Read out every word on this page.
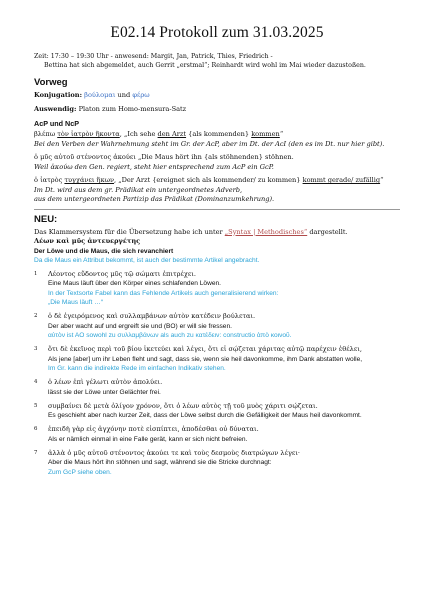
E02.14 Protokoll zum 31.03.2025

Zeit: 17:30 – 19:30 Uhr - anwesend: Margit, Jan, Patrick, Thies, Friedrich -
Bettina hat sich abgemeldet, auch Gerrit „erstmal“; Reinhardt wird wohl im Mai wieder dazustoßen.

Vorweg

Konjugation: βούλομαι und φέρω

Auswendig: Platon zum Homo-mensura-Satz

AcP und NcP

βλέπω τὸν ἰατρὸν ἥκοντα, „Ich sehe den Arzt {als kommenden} kommen“

Bei den Verben der Wahrnehmung steht im Gr. der AcP, aber im Dt. der AcI (den es im Dt. nur hier gibt).

ὁ μῦς αὐτοῦ στένοντος ἀκούει „Die Maus hört ihn {als stöhnenden} stöhnen.

Weil ἀκούω den Gen. regiert, steht hier entsprechend zum AcP ein GcP.

ὁ ἰατρὸς τυγχάνει ἥκων, „Der Arzt {ereignet sich als kommender/ zu kommen} kommt gerade/ zufällig“

Im Dt. wird aus dem gr. Prädikat ein untergeordnetes Adverb,

aus dem untergeordneten Partizip das Prädikat (Dominanzumkehrung).

NEU:

Das Klammersystem für die Übersetzung habe ich unter „Syntax | Methodisches“ dargestellt.

Λέων καὶ μῦς ἀντευεργέτης

Der Löwe und die Maus, die sich revanchiert

Da die Maus ein Attribut bekommt, ist auch der bestimmte Artikel angebracht.

1 Λέοντος εὕδοντος μῦς τῷ σώματι ἐπιτρέχει.

Eine Maus läuft über den Körper eines schlafenden Löwen.

In der Textsorte Fabel kann das Fehlende Artikels auch generalisierend wirken:

„Die Maus läuft …“

2 ὁ δὲ ἐγειρόμενος καὶ συλλαμβάνων αὐτὸν κατέδειν βούλεται.

Der aber wacht auf und ergreift sie und (BO) er will sie fressen.

αὐτὸν ist AO sowohl zu συλλαμβάνων als auch zu κατέδειν: constructio ἀπὸ κοινοῦ.

3 ὅτι δὲ ἐκεῖνος περὶ τοῦ βίου ἱκετεύει καὶ λέγει, ὅτι εἰ σῴζεται χάριτας αὐτῷ παρέχειν ἐθέλει,

Als jene [aber] um ihr Leben fleht und sagt, dass sie, wenn sie heil davonkomme, ihm Dank abstatten wolle,

Im Gr. kann die indirekte Rede im einfachen Indikativ stehen.

4 ὁ λέων ἐπὶ γέλωτι αὐτὸν ἀπολύει.

lässt sie der Löwe unter Gelächter frei.

5 συμβαίνει δὲ μετὰ ὀλίγον χρόνον, ὅτι ὁ λέων αὐτὸς τῇ τοῦ μυὸς χάριτι σῴζεται.

Es geschieht aber nach kurzer Zeit, dass der Löwe selbst durch die Gefälligkeit der Maus heil davonkommt.

6 ἐπειδὴ γὰρ εἰς ἀγχόνην ποτὲ εἰσπίπτει, ἀποδέσθαι οὐ δύναται.

Als er nämlich einmal in eine Falle gerät, kann er sich nicht befreien.

7 ἀλλὰ ὁ μῦς αὐτοῦ στένοντος ἀκούει τε καὶ τοὺς δεσμοὺς διατρώγων λέγει·

Aber die Maus hört ihn stöhnen und sagt, während sie die Stricke durchnagt:

Zum GcP siehe oben.
